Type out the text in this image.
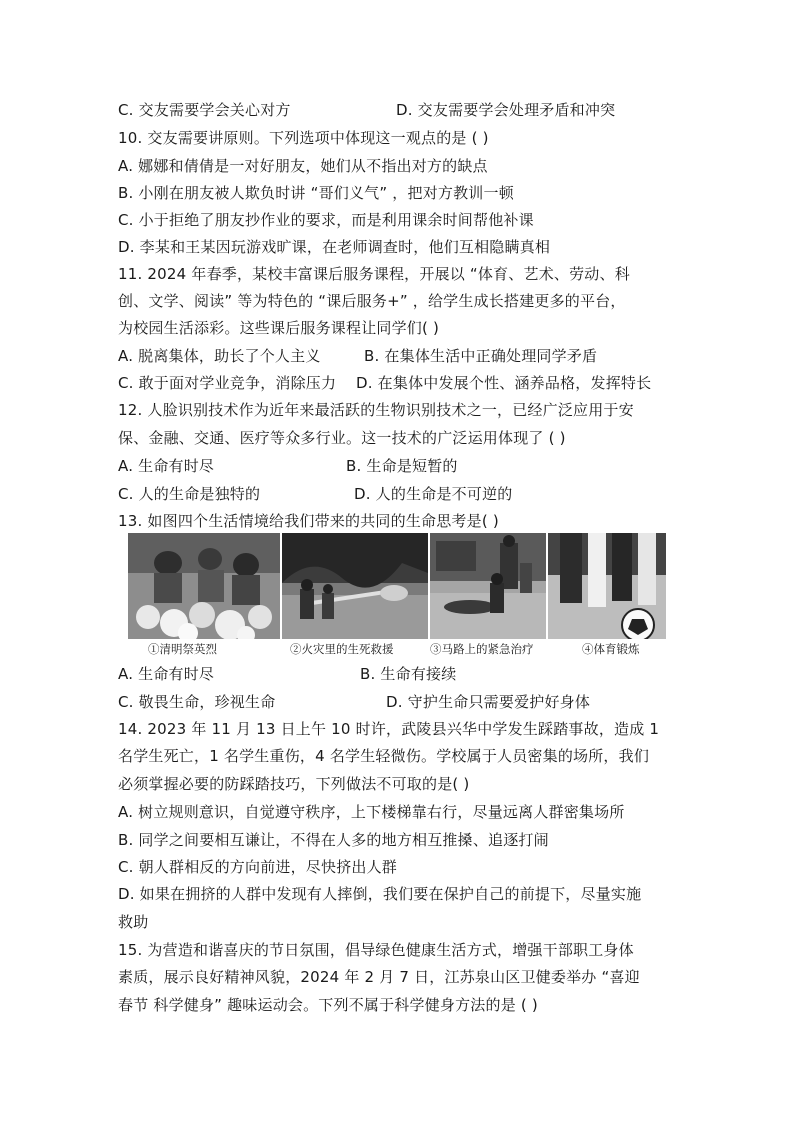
C. 交友需要学会关心对方	D. 交友需要学会处理矛盾和冲突
10. 交友需要讲原则。下列选项中体现这一观点的是 ( )
A. 娜娜和倩倩是一对好朋友，她们从不指出对方的缺点
B. 小刚在朋友被人欺负时讲 “哥们义气” ，把对方教训一顿
C. 小于拒绝了朋友抄作业的要求，而是利用课余时间帮他补课
D. 李某和王某因玩游戏旷课，在老师调查时，他们互相隐瞒真相
11. 2024 年春季，某校丰富课后服务课程，开展以 “体育、艺术、劳动、科
创、文学、阅读” 等为特色的 “课后服务+” ，给学生成长搭建更多的平台，
为校园生活添彩。这些课后服务课程让同学们( )
A. 脱离集体，助长了个人主义	B. 在集体生活中正确处理同学矛盾
C. 敢于面对学业竞争，消除压力 D. 在集体中发展个性、涵养品格，发挥特长
12. 人脸识别技术作为近年来最活跃的生物识别技术之一，已经广泛应用于安
保、金融、交通、医疗等众多行业。这一技术的广泛运用体现了 ( )
A. 生命有时尽	B. 生命是短暂的
C. 人的生命是独特的	D. 人的生命是不可逆的
13. 如图四个生活情境给我们带来的共同的生命思考是( )
①清明祭英烈	②火灾里的生死救援	③马路上的紧急治疗	④体育锻炼
A. 生命有时尽	B. 生命有接续
C. 敬畏生命，珍视生命	D. 守护生命只需要爱护好身体
14. 2023 年 11 月 13 日上午 10 时许，武陵县兴华中学发生踩踏事故，造成 1
名学生死亡，1 名学生重伤，4 名学生轻微伤。学校属于人员密集的场所，我们
必须掌握必要的防踩踏技巧，下列做法不可取的是( )
A. 树立规则意识，自觉遵守秩序，上下楼梯靠右行，尽量远离人群密集场所
B. 同学之间要相互谦让，不得在人多的地方相互推搡、追逐打闹
C. 朝人群相反的方向前进，尽快挤出人群
D. 如果在拥挤的人群中发现有人摔倒，我们要在保护自己的前提下，尽量实施
救助
15. 为营造和谐喜庆的节日氛围，倡导绿色健康生活方式，增强干部职工身体
素质，展示良好精神风貌，2024 年 2 月 7 日，江苏泉山区卫健委举办 “喜迎
春节 科学健身” 趣味运动会。下列不属于科学健身方法的是 ( )
